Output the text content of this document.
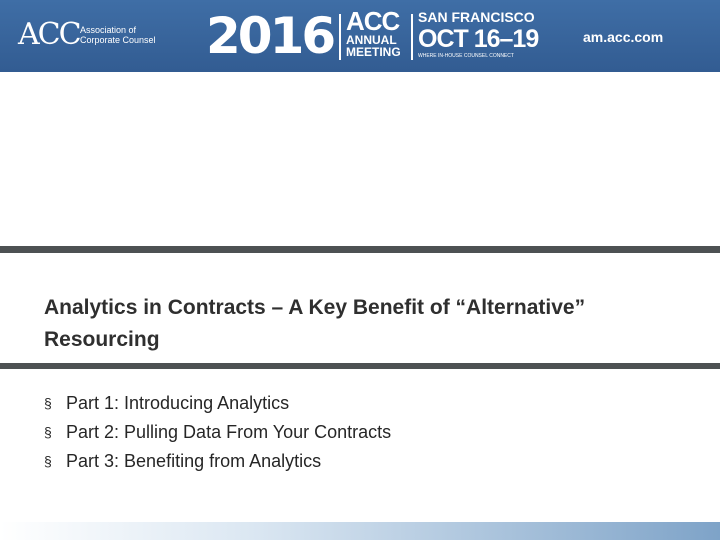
ACC Association of
Corporate Counsel 2016 ACC
ANNUAL
MEETING
SAN FRANCISCO
OCT 16–19
WHERE IN-HOUSE COUNSEL CONNECT
am.acc.com
Analytics in Contracts – A Key Benefit of “Alternative”
Resourcing
§ Part 1: Introducing Analytics
§ Part 2: Pulling Data From Your Contracts
§ Part 3: Benefiting from Analytics
